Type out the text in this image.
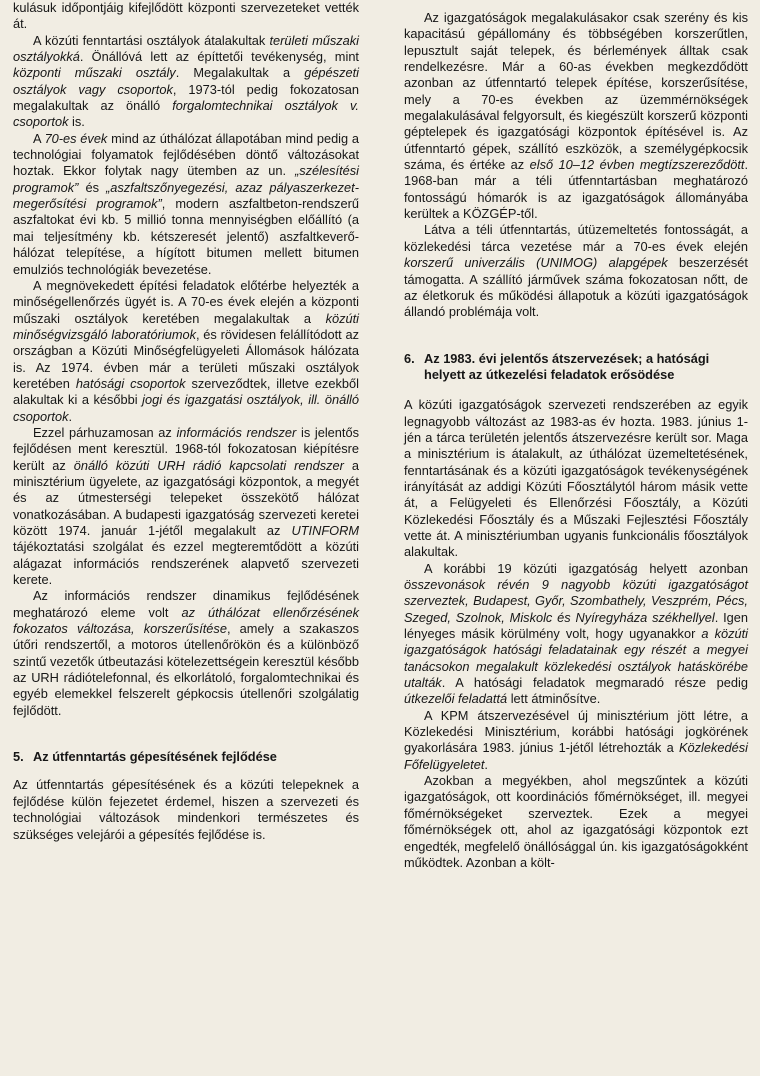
kulásuk időpontjáig kifejlődött központi szervezeteket vették át.

A közúti fenntartási osztályok átalakultak területi műszaki osztályokká. Önállóvá lett az építtetői tevékenység, mint központi műszaki osztály. Megalakultak a gépészeti osztályok vagy csoportok, 1973-tól pedig fokozatosan megalakultak az önálló forgalomtechnikai osztályok v. csoportok is.

A 70-es évek mind az úthálózat állapotában mind pedig a technológiai folyamatok fejlődésében döntő változásokat hoztak. Ekkor folytak nagy ütemben az un. „szélesítési programok” és „aszfaltszőnyegezési, azaz pályaszerkezet-megerősítési programok”, modern aszfaltbeton-rendszerű aszfaltokat évi kb. 5 millió tonna mennyiségben előállító (a mai teljesítmény kb. kétszeresét jelentő) aszfaltkeverő-hálózat telepítése, a hígított bitumen mellett bitumen emulziós technológiák bevezetése.

A megnövekedett építési feladatok előtérbe helyezték a minőségellenőrzés ügyét is. A 70-es évek elején a központi műszaki osztályok keretében megalakultak a közúti minőségvizsgáló laboratóriumok, és rövidesen felállítódott az országban a Közúti Minőségfelügyeleti Állomások hálózata is. Az 1974. évben már a területi műszaki osztályok keretében hatósági csoportok szerveződtek, illetve ezekből alakultak ki a későbbi jogi és igazgatási osztályok, ill. önálló csoportok.

Ezzel párhuzamosan az információs rendszer is jelentős fejlődésen ment keresztül. 1968-tól fokozatosan kiépítésre került az önálló közúti URH rádió kapcsolati rendszer a minisztérium ügyelete, az igazgatósági központok, a megyét és az útmesterségi telepeket összekötő hálózat vonatkozásában. A budapesti igazgatóság szervezeti keretei között 1974. január 1-jétől megalakult az UTINFORM tájékoztatási szolgálat és ezzel megteremtődött a közúti alágazat információs rendszerének alapvető szervezeti kerete.

Az információs rendszer dinamikus fejlődésének meghatározó eleme volt az úthálózat ellenőrzésének fokozatos változása, korszerűsítése, amely a szakaszos útőri rendszertől, a motoros útellenőrökön és a különböző szintű vezetők útbeutazási kötelezettségein keresztül később az URH rádiótelefonnal, és elkorlátoló, forgalomtechnikai és egyéb elemekkel felszerelt gépkocsis útellenőri szolgálatig fejlődött.

5. Az útfenntartás gépesítésének fejlődése

Az útfenntartás gépesítésének és a közúti telepeknek a fejlődése külön fejezetet érdemel, hiszen a szervezeti és technológiai változások mindenkori természetes és szükséges velejárói a gépesítés fejlődése is.

Az igazgatóságok megalakulásakor csak szerény és kis kapacitású gépállomány és többségében korszerűtlen, lepusztult saját telepek, és bérlemények álltak csak rendelkezésre. Már a 60-as években megkezdődött azonban az útfenntartó telepek építése, korszerűsítése, mely a 70-es években az üzemmérnökségek megalakulásával felgyorsult, és kiegészült korszerű központi géptelepek és igazgatósági központok építésével is. Az útfenntartó gépek, szállító eszközök, a személygépkocsik száma, és értéke az első 10–12 évben megtízszereződött. 1968-ban már a téli útfenntartásban meghatározó fontosságú hómarók is az igazgatóságok állományába kerültek a KÖZGÉP-től.

Látva a téli útfenntartás, útüzemeltetés fontosságát, a közlekedési tárca vezetése már a 70-es évek elején korszerű univerzális (UNIMOG) alapgépek beszerzését támogatta. A szállító járművek száma fokozatosan nőtt, de az életkoruk és működési állapotuk a közúti igazgatóságok állandó problémája volt.

6. Az 1983. évi jelentős átszervezések; a hatósági helyett az útkezelési feladatok erősödése

A közúti igazgatóságok szervezeti rendszerében az egyik legnagyobb változást az 1983-as év hozta. 1983. június 1-jén a tárca területén jelentős átszervezésre került sor. Maga a minisztérium is átalakult, az úthálózat üzemeltetésének, fenntartásának és a közúti igazgatóságok tevékenységének irányítását az addigi Közúti Főosztálytól három másik vette át, a Felügyeleti és Ellenőrzési Főosztály, a Közúti Közlekedési Főosztály és a Műszaki Fejlesztési Főosztály vette át. A minisztériumban ugyanis funkcionális főosztályok alakultak.

A korábbi 19 közúti igazgatóság helyett azonban összevonások révén 9 nagyobb közúti igazgatóságot szerveztek, Budapest, Győr, Szombathely, Veszprém, Pécs, Szeged, Szolnok, Miskolc és Nyíregyháza székhellyel. Igen lényeges másik körülmény volt, hogy ugyanakkor a közúti igazgatóságok hatósági feladatainak egy részét a megyei tanácsokon megalakult közlekedési osztályok hatáskörébe utalták. A hatósági feladatok megmaradó része pedig útkezelői feladattá lett átminősítve.

A KPM átszervezésével új minisztérium jött létre, a Közlekedési Minisztérium, korábbi hatósági jogkörének gyakorlására 1983. június 1-jétől létrehozták a Közlekedési Főfelügyeletet.

Azokban a megyékben, ahol megszűntek a közúti igazgatóságok, ott koordinációs főmérnökséget, ill. megyei főmérnökségeket szerveztek. Ezek a megyei főmérnökségek ott, ahol az igazgatósági központok ezt engedték, megfelelő önállósággal ún. kis igazgatóságokként működtek. Azonban a költ-
